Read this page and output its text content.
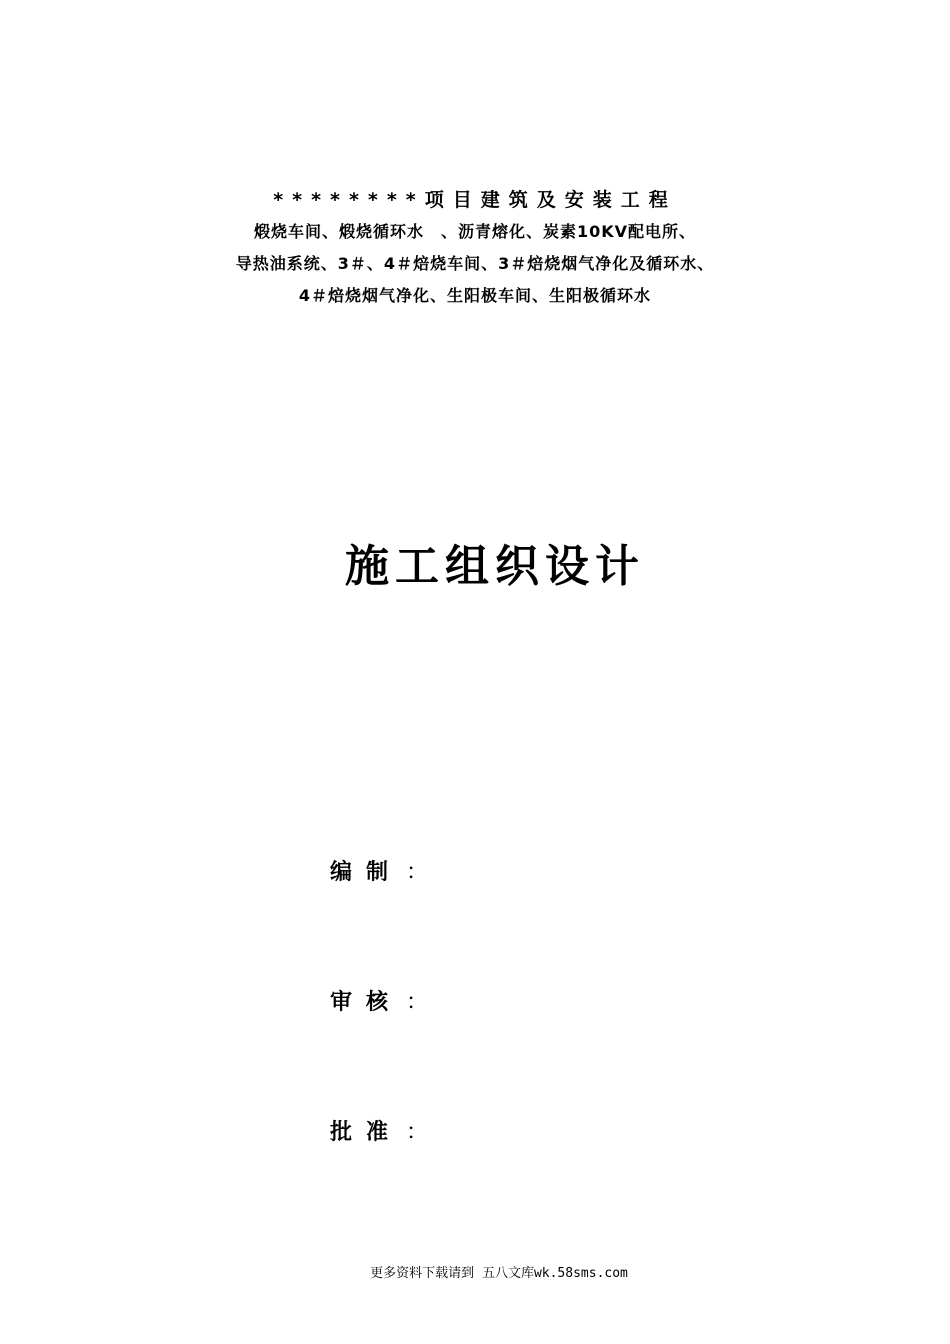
********项目建筑及安装工程
煅烧车间、煅烧循环水　、沥青熔化、炭素10KV配电所、
导热油系统、3＃、4＃焙烧车间、3＃焙烧烟气净化及循环水、
4＃焙烧烟气净化、生阳极车间、生阳极循环水
施工组织设计
编制 ：
审核 ：
批准 ：
更多资料下载请到 五八文库wk.58sms.com
